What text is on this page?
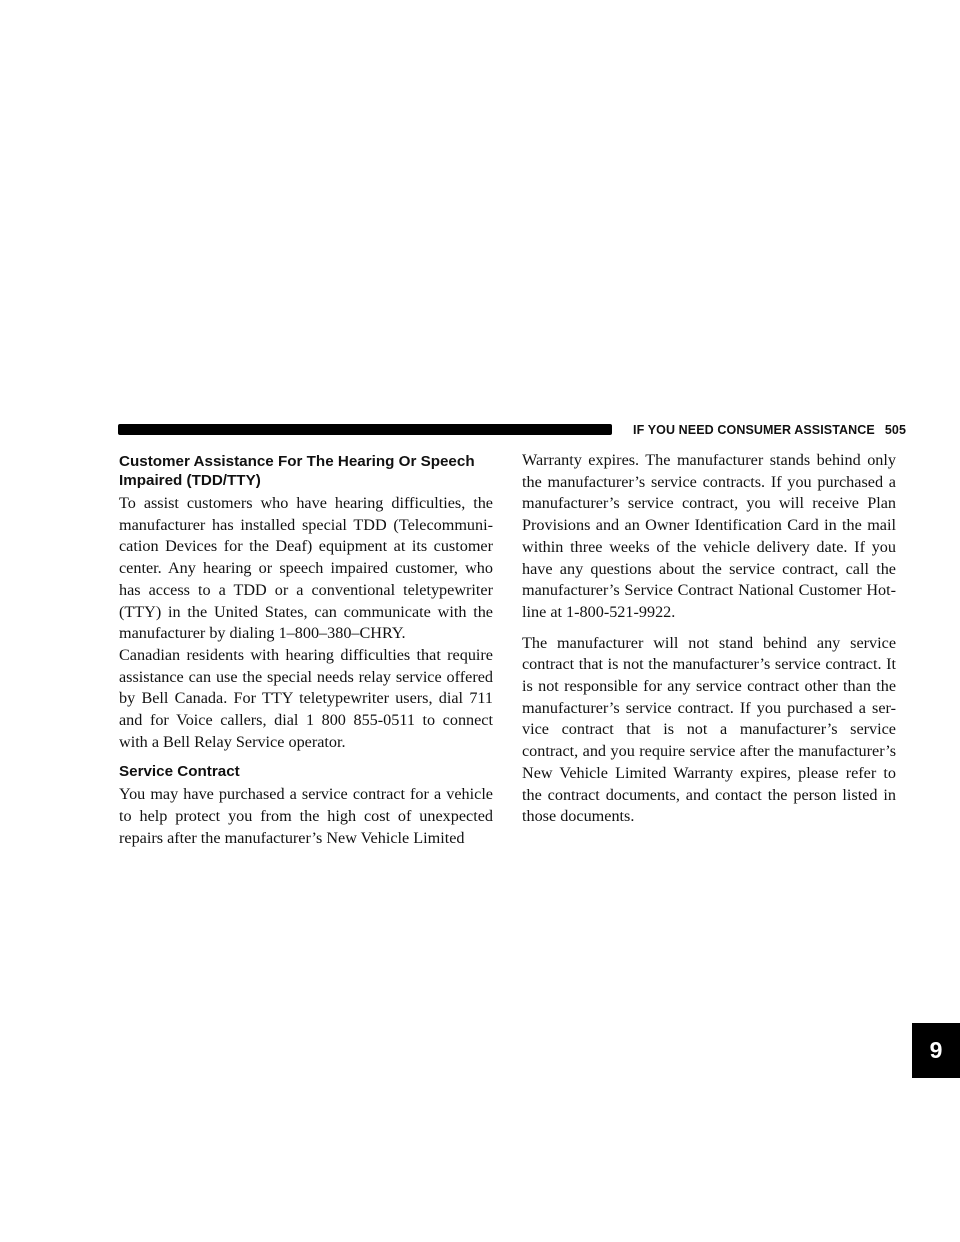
IF YOU NEED CONSUMER ASSISTANCE 505
Customer Assistance For The Hearing Or Speech Impaired (TDD/TTY)

To assist customers who have hearing difficulties, the manufacturer has installed special TDD (Telecommuni- cation Devices for the Deaf) equipment at its customer center. Any hearing or speech impaired customer, who has access to a TDD or a conventional teletypewriter (TTY) in the United States, can communicate with the manufacturer by dialing 1–800–380–CHRY.

Canadian residents with hearing difficulties that require assistance can use the special needs relay service offered by Bell Canada. For TTY teletypewriter users, dial 711 and for Voice callers, dial 1 800 855-0511 to connect with a Bell Relay Service operator.

Service Contract

You may have purchased a service contract for a vehicle to help protect you from the high cost of unexpected repairs after the manufacturer’s New Vehicle Limited

Warranty expires. The manufacturer stands behind only the manufacturer’s service contracts. If you purchased a manufacturer’s service contract, you will receive Plan Provisions and an Owner Identification Card in the mail within three weeks of the vehicle delivery date. If you have any questions about the service contract, call the manufacturer’s Service Contract National Customer Hot- line at 1-800-521-9922.

The manufacturer will not stand behind any service contract that is not the manufacturer’s service contract. It is not responsible for any service contract other than the manufacturer’s service contract. If you purchased a ser- vice contract that is not a manufacturer’s service contract, and you require service after the manufacturer’s New Vehicle Limited Warranty expires, please refer to the contract documents, and contact the person listed in those documents.

9
